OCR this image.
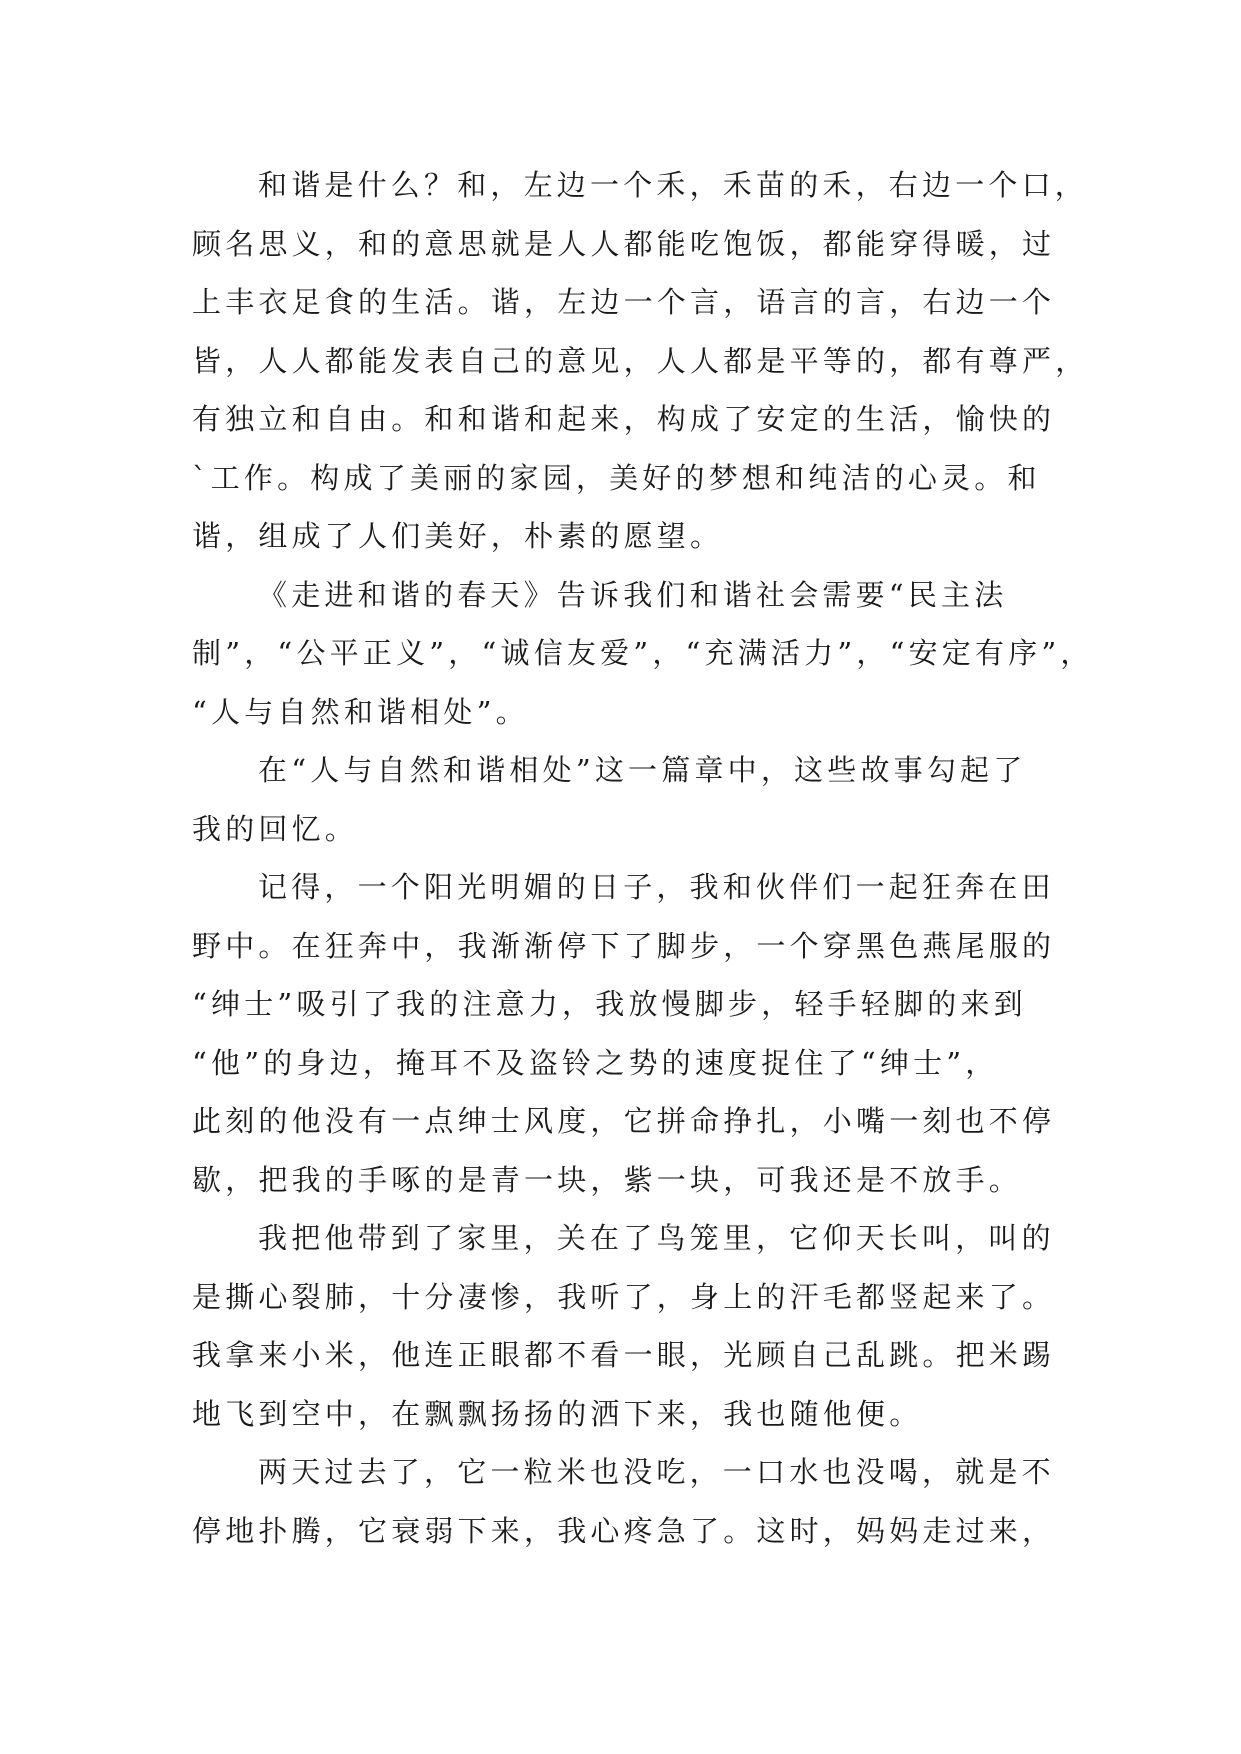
和谐是什么？和，左边一个禾，禾苗的禾，右边一个口，
顾名思义，和的意思就是人人都能吃饱饭，都能穿得暖，过
上丰衣足食的生活。谐，左边一个言，语言的言，右边一个
皆，人人都能发表自己的意见，人人都是平等的，都有尊严，
有独立和自由。和和谐和起来，构成了安定的生活，愉快的
`工作。构成了美丽的家园，美好的梦想和纯洁的心灵。和
谐，组成了人们美好，朴素的愿望。
《走进和谐的春天》告诉我们和谐社会需要“民主法
制”，“公平正义”，“诚信友爱”，“充满活力”，“安定有序”，
“人与自然和谐相处”。
在“人与自然和谐相处”这一篇章中，这些故事勾起了
我的回忆。
记得，一个阳光明媚的日子，我和伙伴们一起狂奔在田
野中。在狂奔中，我渐渐停下了脚步，一个穿黑色燕尾服的
“绅士”吸引了我的注意力，我放慢脚步，轻手轻脚的来到
“他”的身边，掩耳不及盗铃之势的速度捉住了“绅士”，
此刻的他没有一点绅士风度，它拼命挣扎，小嘴一刻也不停
歇，把我的手啄的是青一块，紫一块，可我还是不放手。
我把他带到了家里，关在了鸟笼里，它仰天长叫，叫的
是撕心裂肺，十分凄惨，我听了，身上的汗毛都竖起来了。
我拿来小米，他连正眼都不看一眼，光顾自己乱跳。把米踢
地飞到空中，在飘飘扬扬的洒下来，我也随他便。
两天过去了，它一粒米也没吃，一口水也没喝，就是不
停地扑腾，它衰弱下来，我心疼急了。这时，妈妈走过来，
